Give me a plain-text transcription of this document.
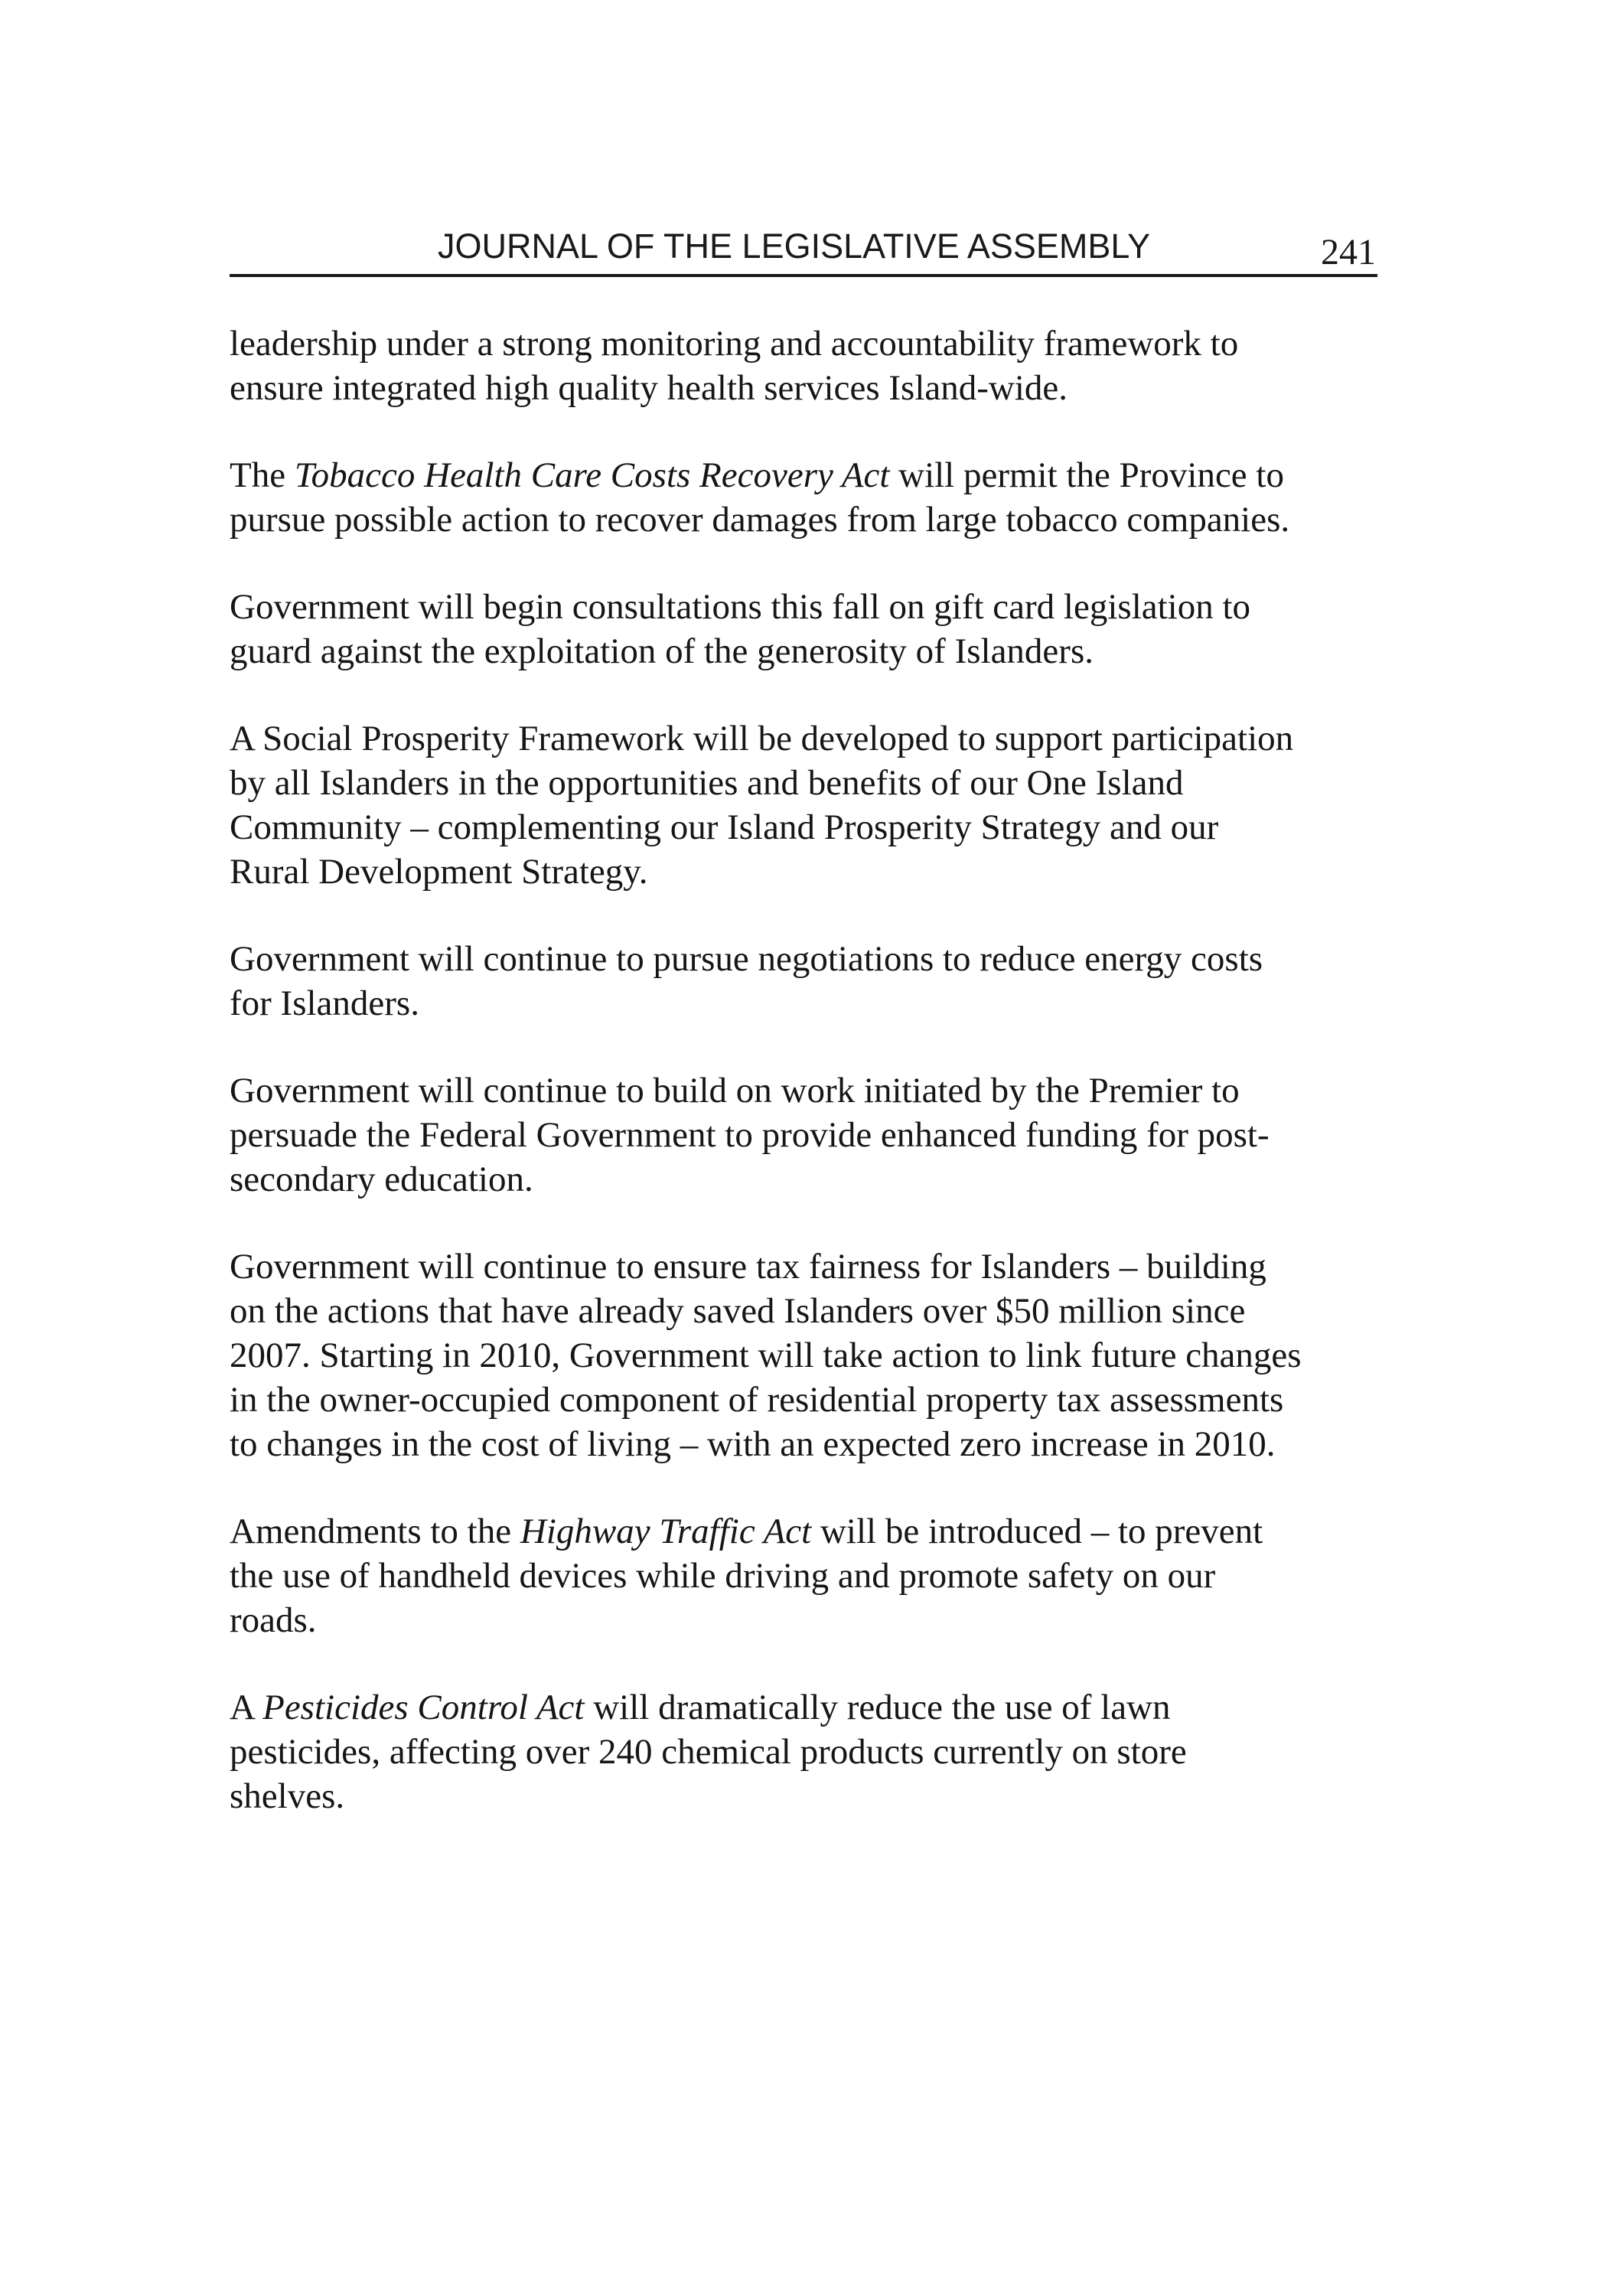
JOURNAL OF THE LEGISLATIVE ASSEMBLY	241

leadership under a strong monitoring and accountability framework to
ensure integrated high quality health services Island-wide.

The Tobacco Health Care Costs Recovery Act will permit the Province to
pursue possible action to recover damages from large tobacco companies.

Government will begin consultations this fall on gift card legislation to
guard against the exploitation of the generosity of Islanders.

A Social Prosperity Framework will be developed to support participation
by all Islanders in the opportunities and benefits of our One Island
Community – complementing our Island Prosperity Strategy and our
Rural Development Strategy.

Government will continue to pursue negotiations to reduce energy costs
for Islanders.

Government will continue to build on work initiated by the Premier to
persuade the Federal Government to provide enhanced funding for post-
secondary education.

Government will continue to ensure tax fairness for Islanders – building
on the actions that have already saved Islanders over $50 million since
2007. Starting in 2010, Government will take action to link future changes
in the owner-occupied component of residential property tax assessments
to changes in the cost of living – with an expected zero increase in 2010.

Amendments to the Highway Traffic Act will be introduced – to prevent
the use of handheld devices while driving and promote safety on our
roads.

A Pesticides Control Act will dramatically reduce the use of lawn
pesticides, affecting over 240 chemical products currently on store
shelves.
